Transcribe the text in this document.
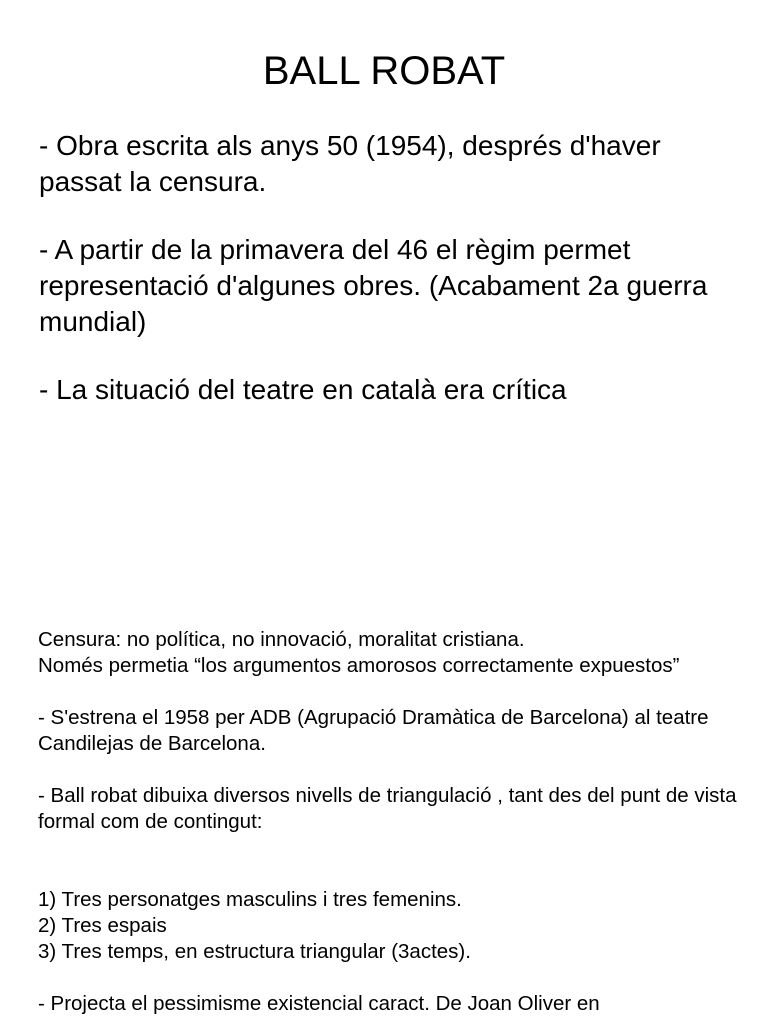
BALL ROBAT

- Obra escrita als anys 50 (1954), després d'haver passat la censura.

- A partir de la primavera del 46 el règim permet representació d'algunes obres. (Acabament 2a guerra mundial)

- La situació del teatre en català era crítica

Censura: no política, no innovació, moralitat cristiana.

Només permetia “los argumentos amorosos correctamente expuestos”

- S'estrena el 1958 per ADB (Agrupació Dramàtica de Barcelona) al teatre Candilejas de Barcelona.

- Ball robat dibuixa diversos nivells de triangulació , tant des del punt de vista formal com de contingut:

1) Tres personatges masculins i tres femenins.

2) Tres espais

3) Tres temps, en estructura triangular (3actes).

- Projecta el pessimisme existencial caract. De Joan Oliver en
